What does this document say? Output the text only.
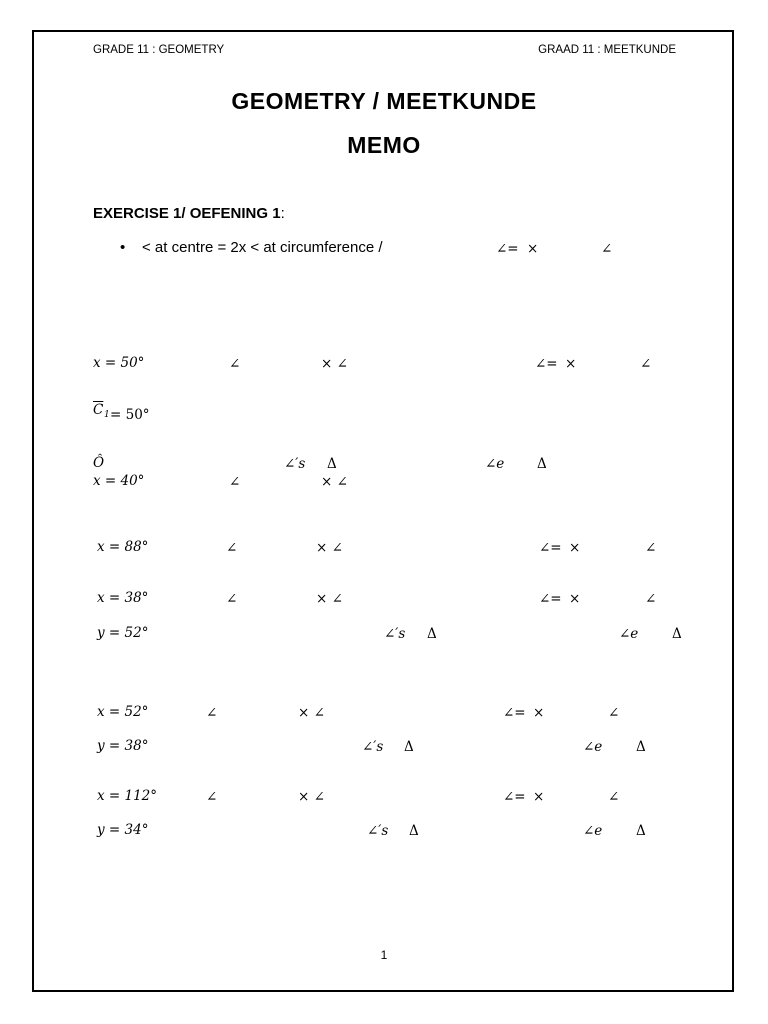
GRADE 11 : GEOMETRY	GRAAD 11 : MEETKUNDE
GEOMETRY / MEETKUNDE
MEMO
EXERCISE 1/ OEFENING 1:
• < at centre = 2x < at circumference /	∠= ×	∠
x = 50°	∠	× ∠	∠= ×	∠
$\overline{C}$ 1 = 50°
Ô	∠′s Δ	∠e Δ
x = 40°	∠	× ∠
x = 88°	∠	× ∠	∠= ×	∠
x = 38°	∠	× ∠	∠= ×	∠
y = 52°	∠′s Δ	∠e Δ
x = 52°	∠	× ∠	∠= ×	∠
y = 38°	∠′s Δ	∠e Δ
x = 112°	∠	× ∠	∠= ×	∠
y = 34°	∠′s Δ	∠e Δ
1
